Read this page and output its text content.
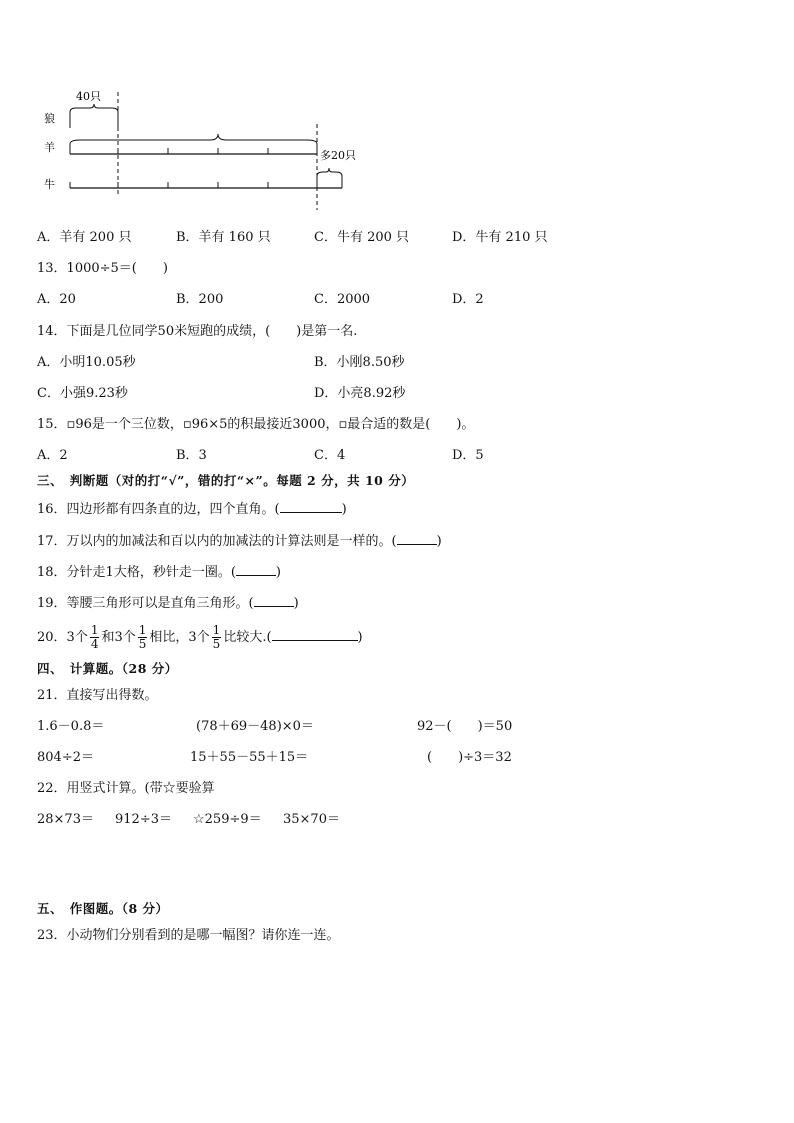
狼
羊
牛
40只
多20只
A．羊有 200 只	B．羊有 160 只	C．牛有 200 只	D．牛有 210 只
13．1000÷5＝(　　)
A．20	B．200	C．2000	D．2
14．下面是几位同学50米短跑的成绩，(　　)是第一名.
A．小明10.05秒	B．小刚8.50秒
C．小强9.23秒	D．小亮8.92秒
15．▫96是一个三位数，▫96×5的积最接近3000，▫最合适的数是(　　)。
A．2	B．3	C．4	D．5
三、　判断题（对的打“√”，错的打“×”。每题 2 分，共 10 分）
16．四边形都有四条直的边，四个直角。(	)
17．万以内的加减法和百以内的加减法的计算法则是一样的。(	)
18．分针走1大格，秒针走一圈。(	)
19．等腰三角形可以是直角三角形。(	)
20．3个 $\frac{1}{4}$ 和3个 $\frac{1}{5}$ 相比，3个 $\frac{1}{5}$ 比较大.(	)
四、　计算题。（28 分）
21．直接写出得数。
1.6－0.8＝	(78＋69－48)×0＝	92－(　　)＝50
804÷2＝	15＋55－55＋15＝	(　　)÷3＝32
22．用竖式计算。(带☆要验算
28×73＝ 912÷3＝ ☆259÷9＝ 35×70＝
五、　作图题。（8 分）
23．小动物们分别看到的是哪一幅图？请你连一连。
